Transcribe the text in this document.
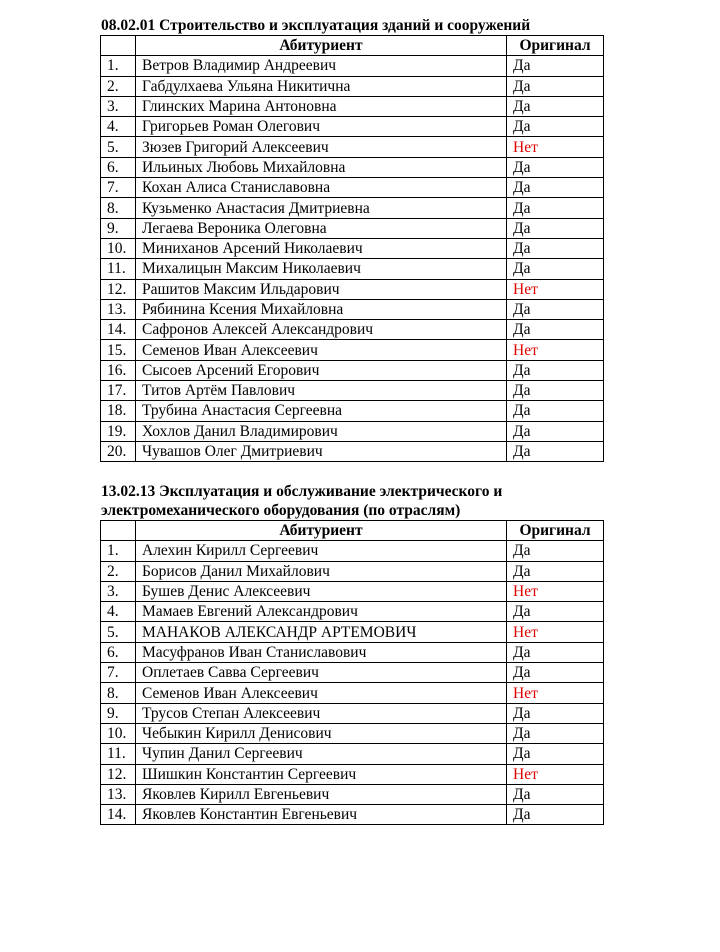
08.02.01 Строительство и эксплуатация зданий и сооружений

	Абитуриент	Оригинал
1.	Ветров Владимир Андреевич	Да
2.	Габдулхаева Ульяна Никитична	Да
3.	Глинских Марина Антоновна	Да
4.	Григорьев Роман Олегович	Да
5.	Зюзев Григорий Алексеевич	Нет
6.	Ильиных Любовь Михайловна	Да
7.	Кохан Алиса Станиславовна	Да
8.	Кузьменко Анастасия Дмитриевна	Да
9.	Легаева Вероника Олеговна	Да
10.	Миниханов Арсений Николаевич	Да
11.	Михалицын Максим Николаевич	Да
12.	Рашитов Максим Ильдарович	Нет
13.	Рябинина Ксения Михайловна	Да
14.	Сафронов Алексей Александрович	Да
15.	Семенов Иван Алексеевич	Нет
16.	Сысоев Арсений Егорович	Да
17.	Титов Артём Павлович	Да
18.	Трубина Анастасия Сергеевна	Да
19.	Хохлов Данил Владимирович	Да
20.	Чувашов Олег Дмитриевич	Да

13.02.13 Эксплуатация и обслуживание электрического и
электромеханического оборудования (по отраслям)

	Абитуриент	Оригинал
1.	Алехин Кирилл Сергеевич	Да
2.	Борисов Данил Михайлович	Да
3.	Бушев Денис Алексеевич	Нет
4.	Мамаев Евгений Александрович	Да
5.	МАНАКОВ АЛЕКСАНДР АРТЕМОВИЧ	Нет
6.	Масуфранов Иван Станиславович	Да
7.	Оплетаев Савва Сергеевич	Да
8.	Семенов Иван Алексеевич	Нет
9.	Трусов Степан Алексеевич	Да
10.	Чебыкин Кирилл Денисович	Да
11.	Чупин Данил Сергеевич	Да
12.	Шишкин Константин Сергеевич	Нет
13.	Яковлев Кирилл Евгеньевич	Да
14.	Яковлев Константин Евгеньевич	Да
